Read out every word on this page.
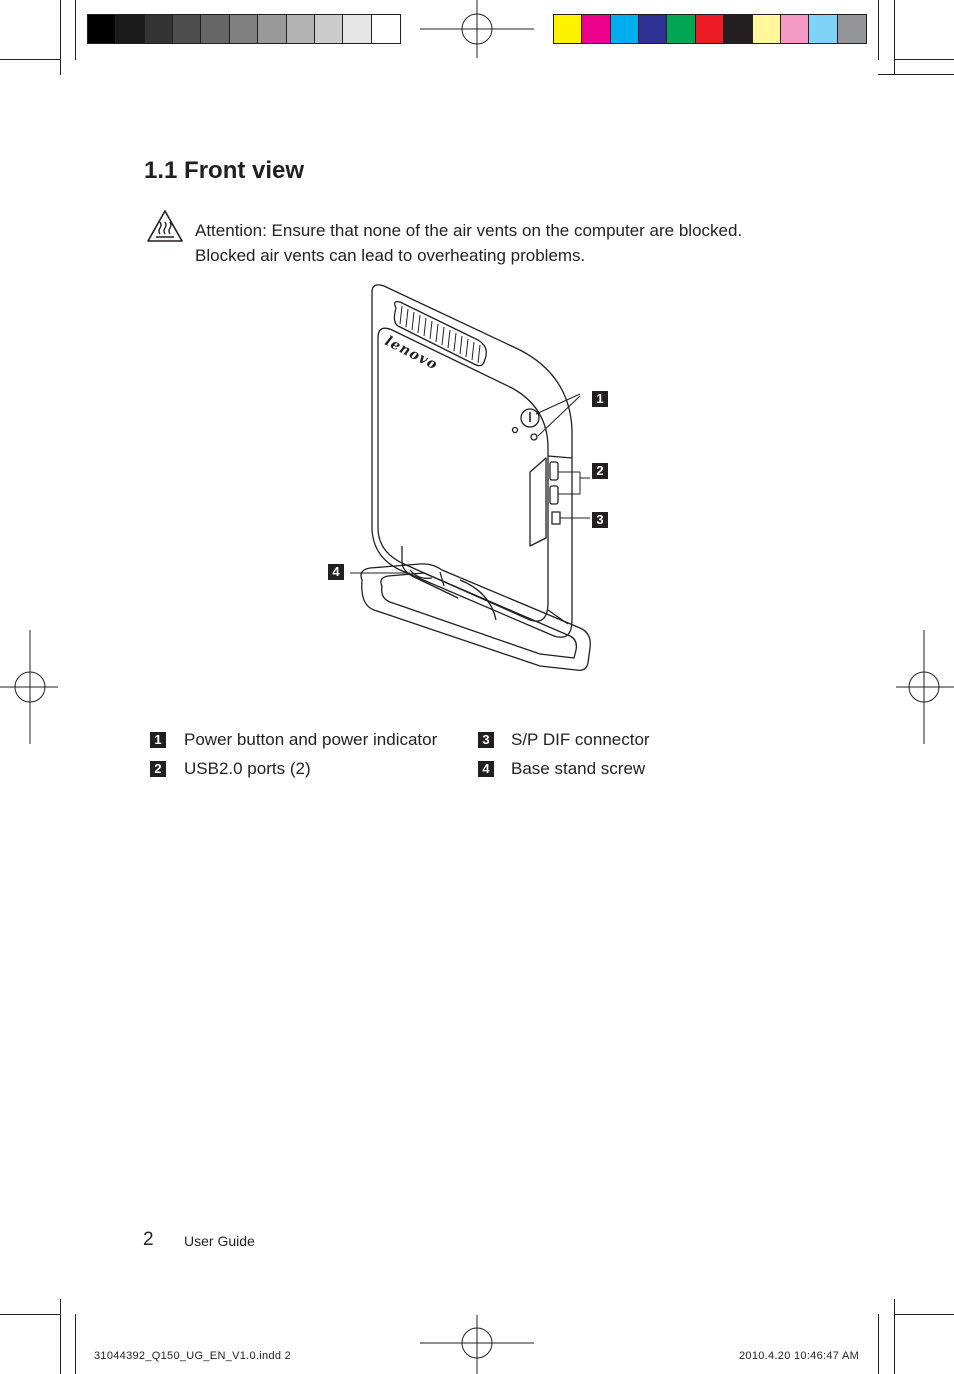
1.1 Front view
Attention: Ensure that none of the air vents on the computer are blocked.
Blocked air vents can lead to overheating problems.
lenovo
1
2
3
4
1 Power button and power indicator
2 USB2.0 ports (2)
3 S/P DIF connector
4 Base stand screw
2 User Guide
31044392_Q150_UG_EN_V1.0.indd 2	2010.4.20 10:46:47 AM
